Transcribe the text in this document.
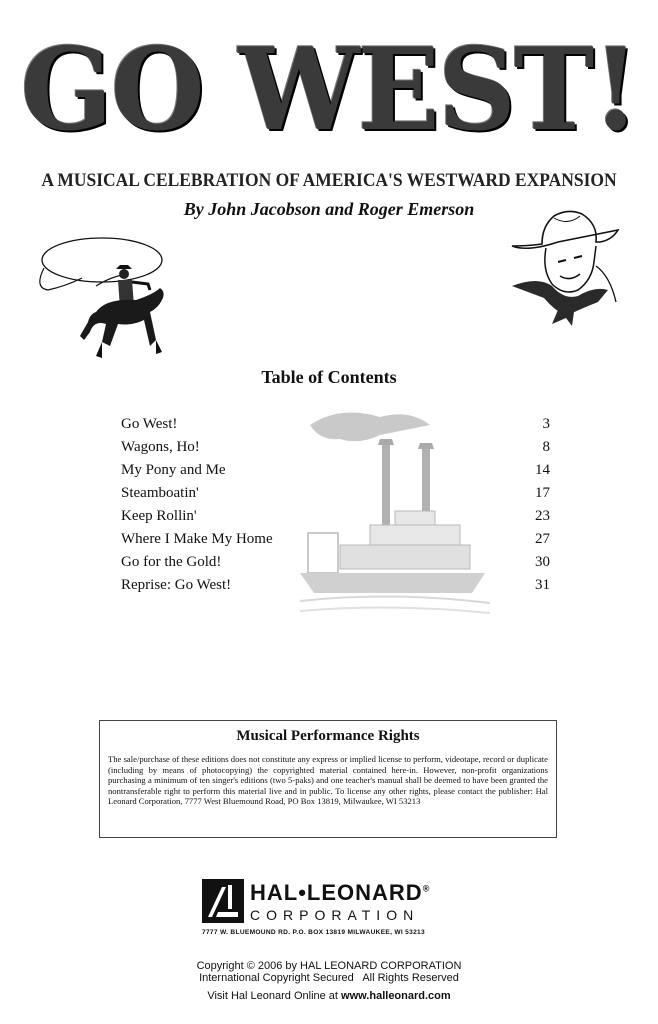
GO WEST!
A MUSICAL CELEBRATION OF AMERICA'S WESTWARD EXPANSION
By John Jacobson and Roger Emerson
Table of Contents
Go West!	3
Wagons, Ho!	8
My Pony and Me	14
Steamboatin'	17
Keep Rollin'	23
Where I Make My Home	27
Go for the Gold!	30
Reprise: Go West!	31
Musical Performance Rights
The sale/purchase of these editions does not constitute any express or implied license to perform, videotape, record or duplicate (including by means of photocopying) the copyrighted material contained here-in. However, non-profit organizations purchasing a minimum of ten singer's editions (two 5-paks) and one teacher's manual shall be deemed to have been granted the nontransferable right to perform this material live and in public. To license any other rights, please contact the publisher: Hal Leonard Corporation, 7777 West Bluemound Road, PO Box 13819, Milwaukee, WI 53213
HAL•LEONARD®
CORPORATION
7777 W. BLUEMOUND RD. P.O. BOX 13819 MILWAUKEE, WI 53213
Copyright © 2006 by HAL LEONARD CORPORATION
International Copyright Secured   All Rights Reserved
Visit Hal Leonard Online at www.halleonard.com
